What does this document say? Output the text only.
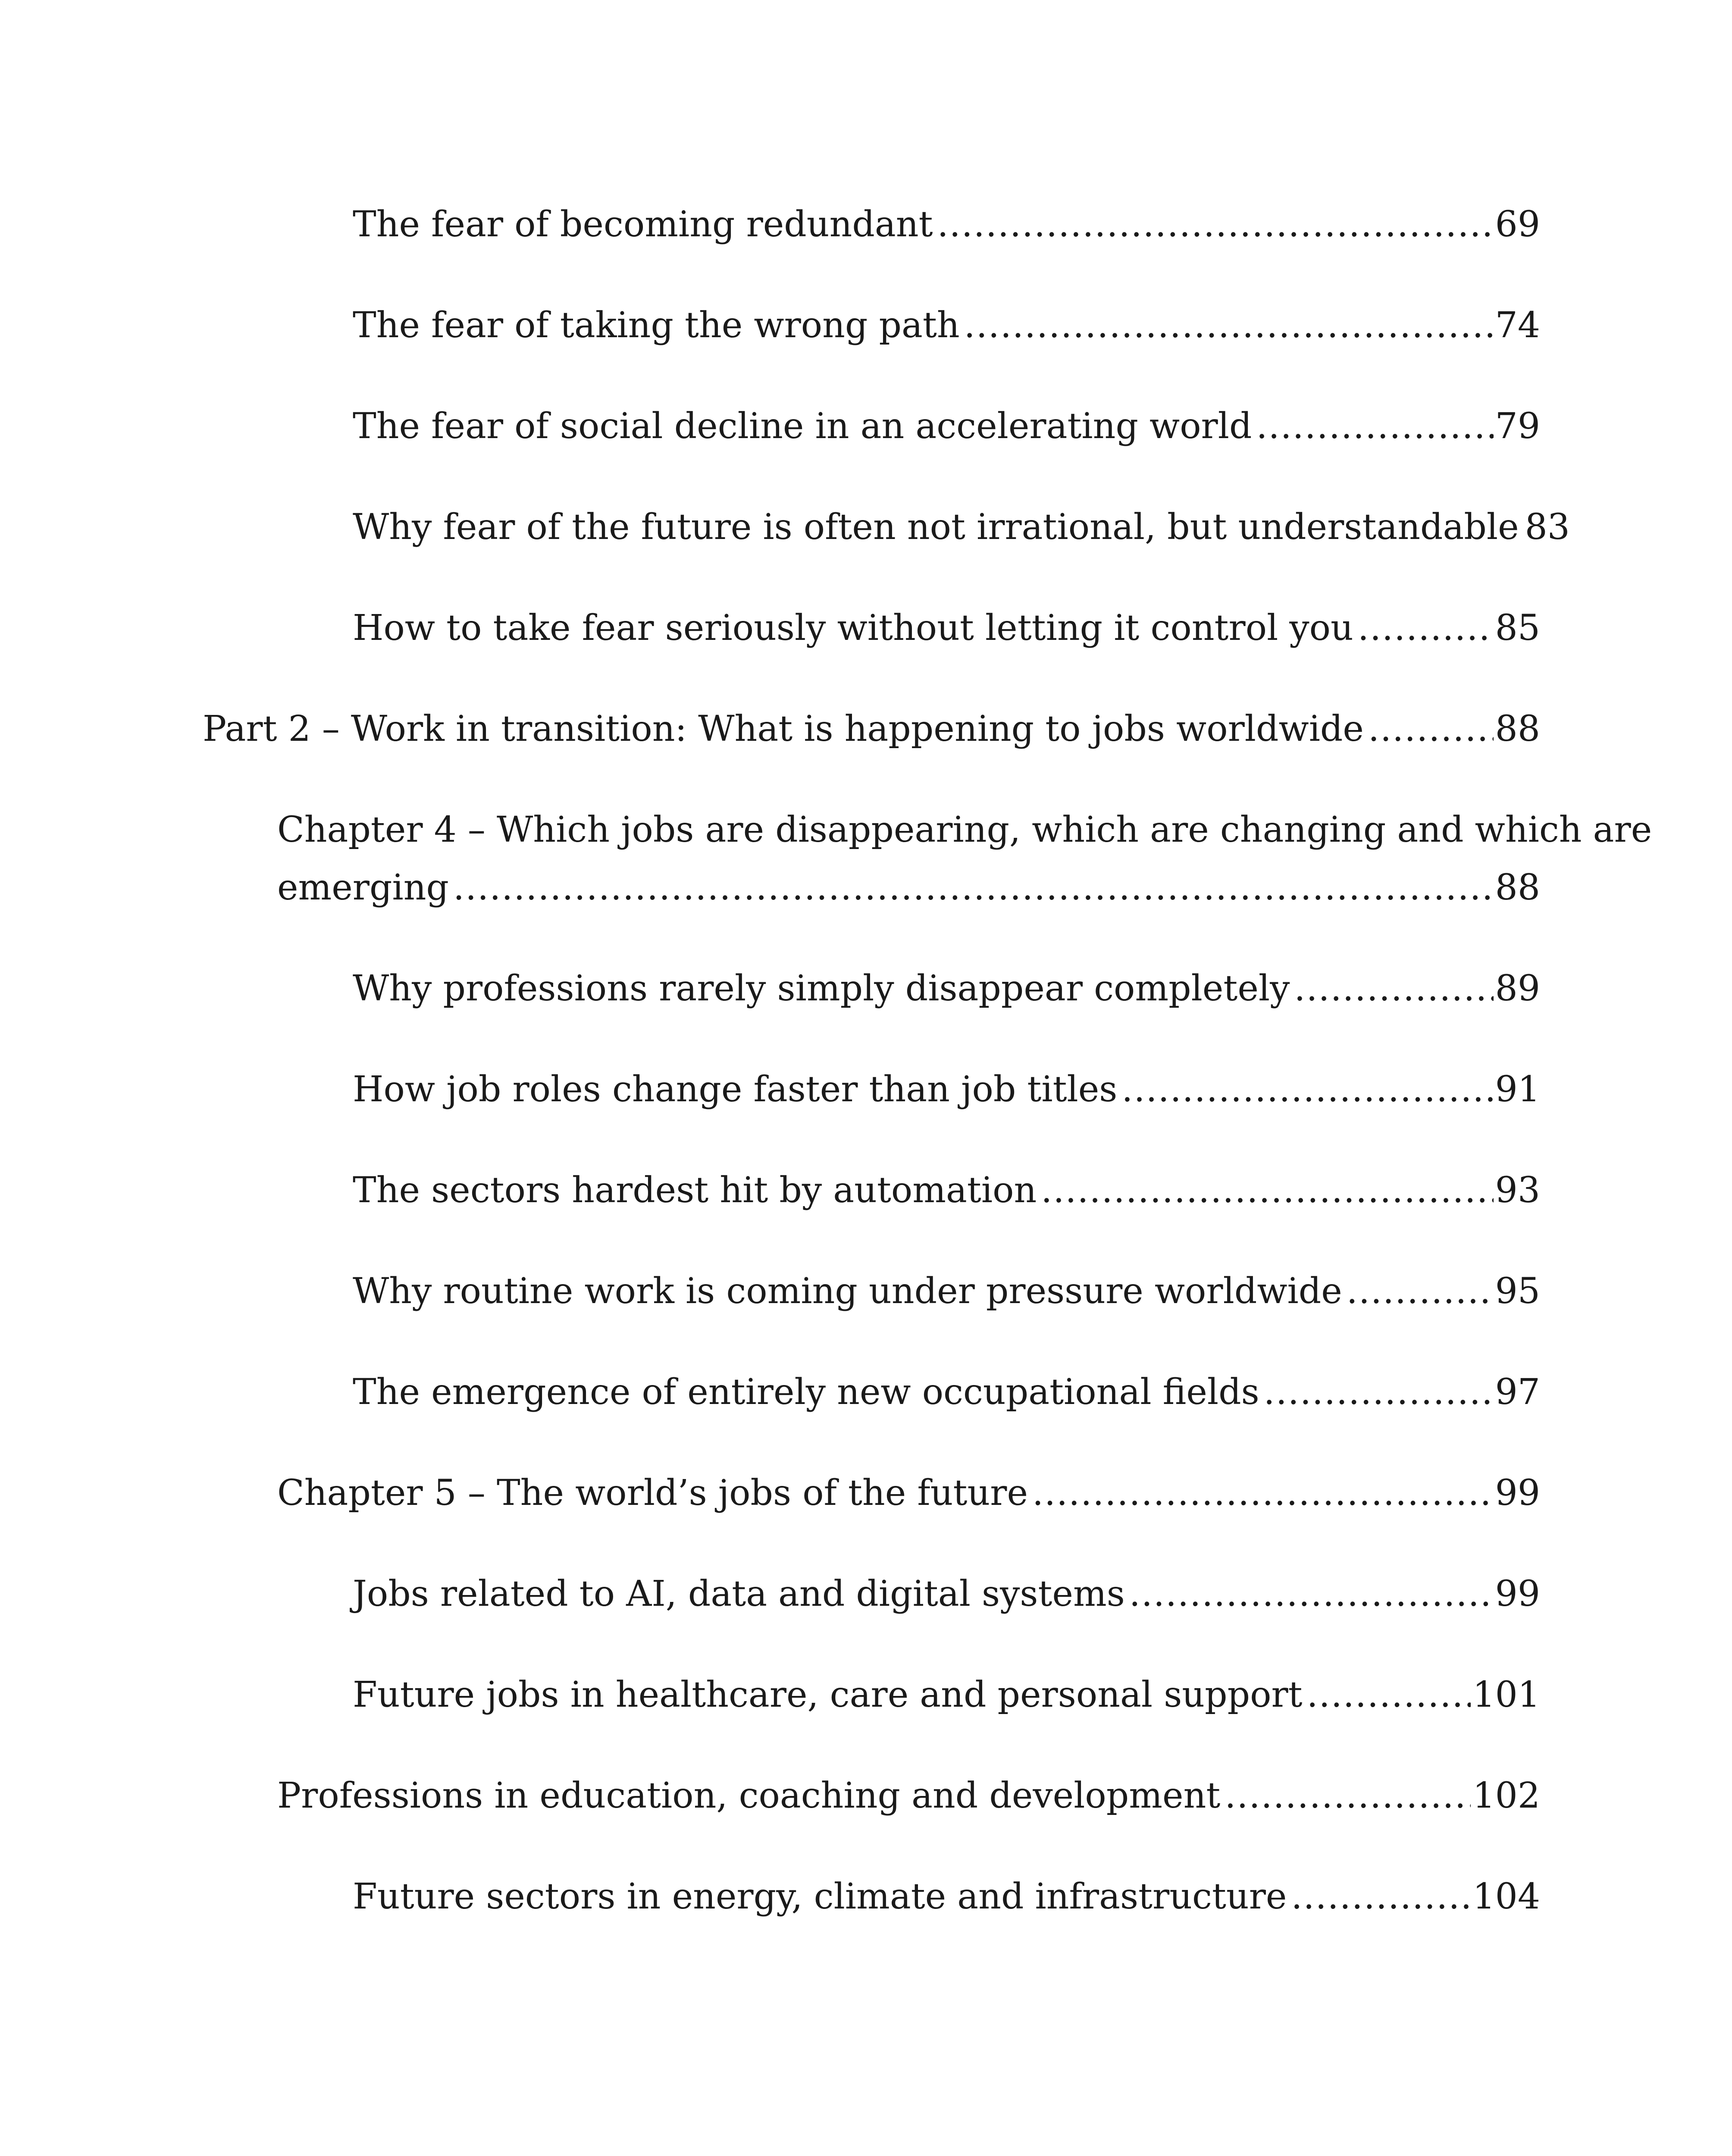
The fear of becoming redundant .....	69
The fear of taking the wrong path .....	74
The fear of social decline in an accelerating world .....	79
Why fear of the future is often not irrational, but understandable 83
How to take fear seriously without letting it control you .....	85
Part 2 – Work in transition: What is happening to jobs worldwide .....	88
Chapter 4 – Which jobs are disappearing, which are changing and which are
emerging .....	88
Why professions rarely simply disappear completely .....	89
How job roles change faster than job titles .....	91
The sectors hardest hit by automation .....	93
Why routine work is coming under pressure worldwide .....	95
The emergence of entirely new occupational fields .....	97
Chapter 5 – The world’s jobs of the future .....	99
Jobs related to AI, data and digital systems .....	99
Future jobs in healthcare, care and personal support .....	101
Professions in education, coaching and development .....	102
Future sectors in energy, climate and infrastructure .....	104
